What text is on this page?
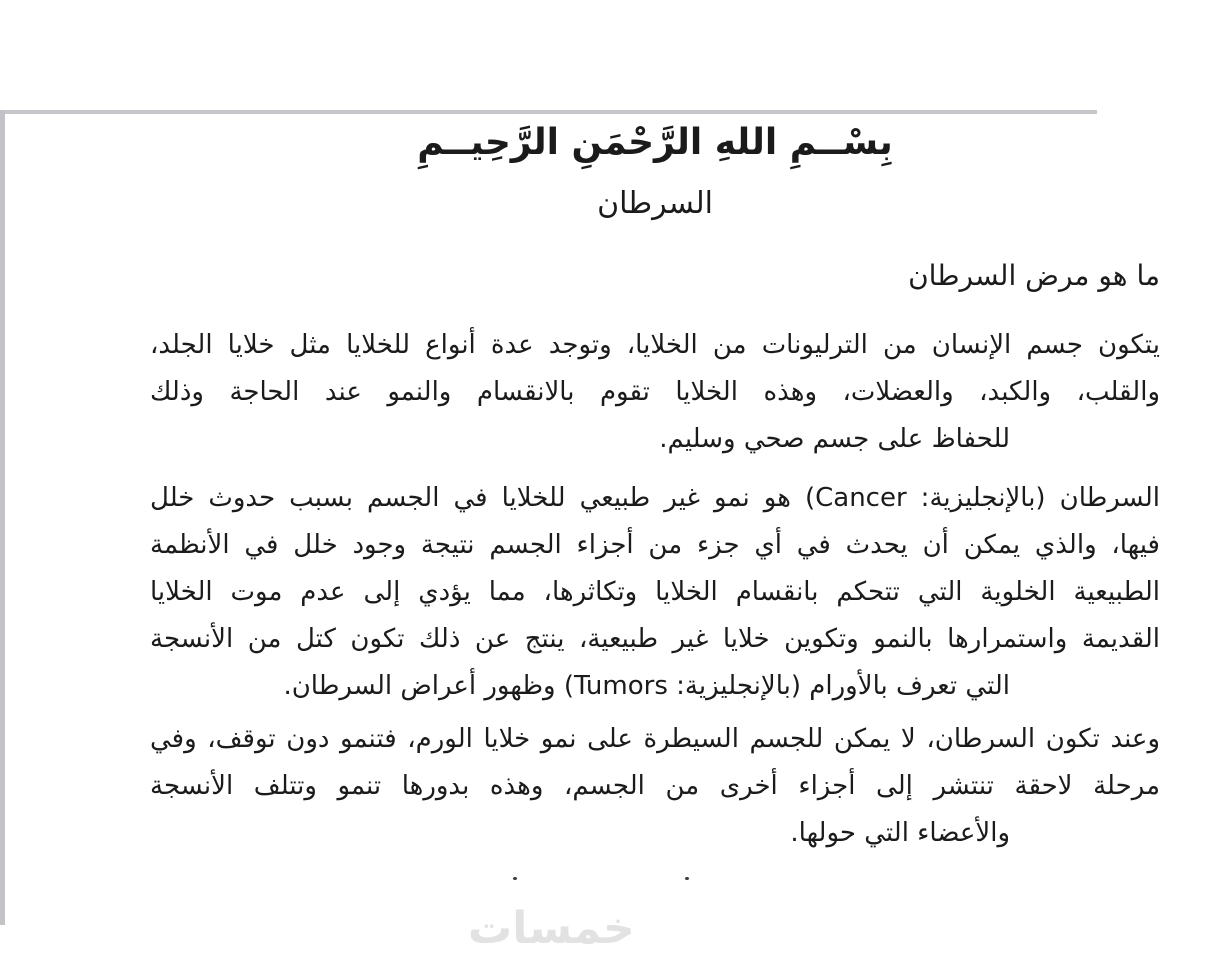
بِسْــمِ اللهِ الرَّحْمَنِ الرَّحِيــمِ
السرطان
ما هو مرض السرطان
يتكون جسم الإنسان من الترليونات من الخلايا، وتوجد عدة أنواع للخلايا مثل خلايا الجلد،
والقلب، والكبد، والعضلات، وهذه الخلايا تقوم بالانقسام والنمو عند الحاجة وذلك
للحفاظ على جسم صحي وسليم.
السرطان (بالإنجليزية: Cancer) هو نمو غير طبيعي للخلايا في الجسم بسبب حدوث خلل
فيها، والذي يمكن أن يحدث في أي جزء من أجزاء الجسم نتيجة وجود خلل في الأنظمة
الطبيعية الخلوية التي تتحكم بانقسام الخلايا وتكاثرها، مما يؤدي إلى عدم موت الخلايا
القديمة واستمرارها بالنمو وتكوين خلايا غير طبيعية، ينتج عن ذلك تكون كتل من الأنسجة
التي تعرف بالأورام (بالإنجليزية: Tumors) وظهور أعراض السرطان.
وعند تكون السرطان، لا يمكن للجسم السيطرة على نمو خلايا الورم، فتنمو دون توقف، وفي
مرحلة لاحقة تنتشر إلى أجزاء أخرى من الجسم، وهذه بدورها تنمو وتتلف الأنسجة
والأعضاء التي حولها.
خمسات
